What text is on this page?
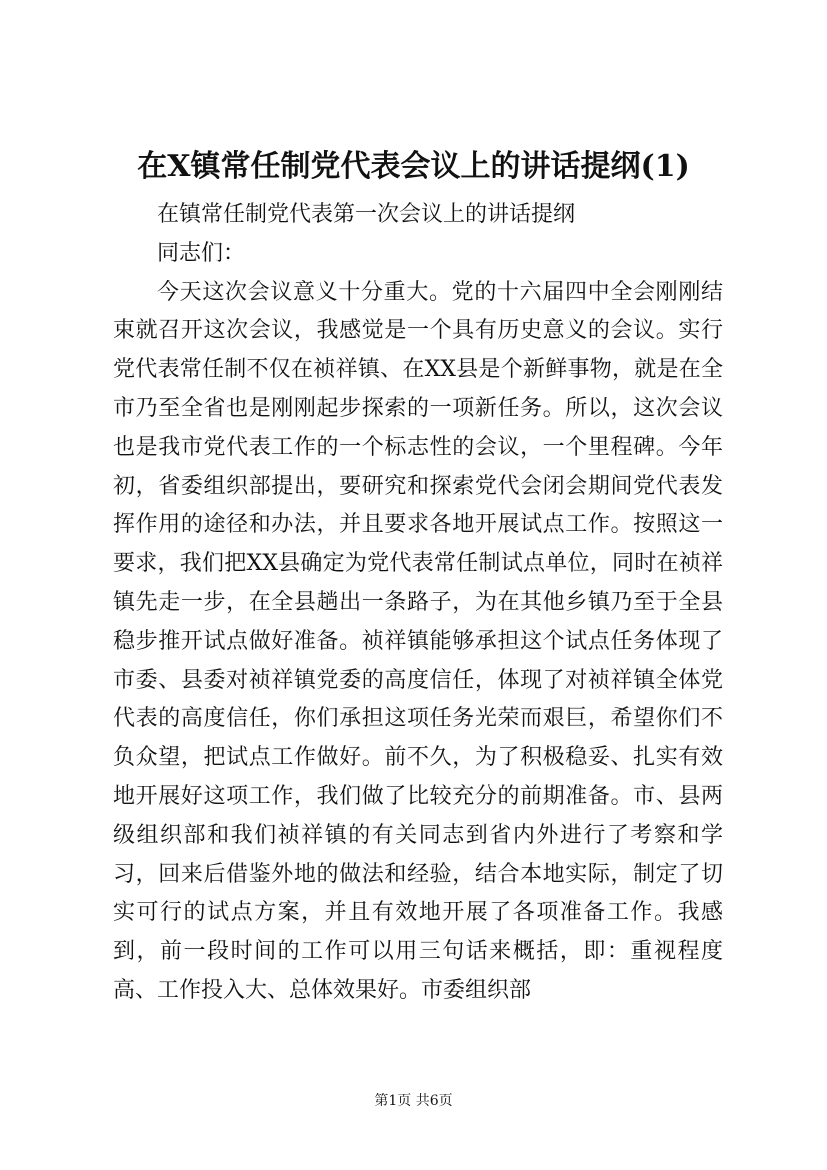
在X镇常任制党代表会议上的讲话提纲(1)

在镇常任制党代表第一次会议上的讲话提纲

同志们：

今天这次会议意义十分重大。党的十六届四中全会刚刚结束就召开这次会议，我感觉是一个具有历史意义的会议。实行党代表常任制不仅在祯祥镇、在XX县是个新鲜事物，就是在全市乃至全省也是刚刚起步探索的一项新任务。所以，这次会议也是我市党代表工作的一个标志性的会议，一个里程碑。今年初，省委组织部提出，要研究和探索党代会闭会期间党代表发挥作用的途径和办法，并且要求各地开展试点工作。按照这一要求，我们把XX县确定为党代表常任制试点单位，同时在祯祥镇先走一步，在全县趟出一条路子，为在其他乡镇乃至于全县稳步推开试点做好准备。祯祥镇能够承担这个试点任务体现了市委、县委对祯祥镇党委的高度信任，体现了对祯祥镇全体党代表的高度信任，你们承担这项任务光荣而艰巨，希望你们不负众望，把试点工作做好。前不久，为了积极稳妥、扎实有效地开展好这项工作，我们做了比较充分的前期准备。市、县两级组织部和我们祯祥镇的有关同志到省内外进行了考察和学习，回来后借鉴外地的做法和经验，结合本地实际，制定了切实可行的试点方案，并且有效地开展了各项准备工作。我感到，前一段时间的工作可以用三句话来概括，即：重视程度高、工作投入大、总体效果好。市委组织部

第1页 共6页
